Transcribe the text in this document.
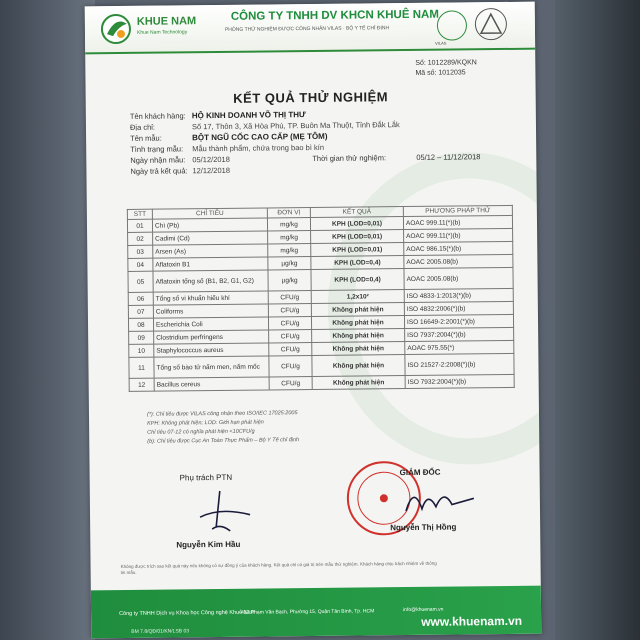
KHUE NAM
Khue Nam Technology
CÔNG TY TNHH DV KHCN KHUÊ NAM
PHÒNG THỬ NGHIỆM ĐƯỢC CÔNG NHẬN VILAS · BỘ Y TẾ CHỈ ĐỊNH
VILAS
Số: 1012289/KQKN
Mã số: 1012035
KẾT QUẢ THỬ NGHIỆM
Tên khách hàng: HỘ KINH DOANH VÕ THỊ THƯ
Địa chỉ:	Số 17, Thôn 3, Xã Hòa Phú, TP. Buôn Ma Thuột, Tỉnh Đắk Lắk
Tên mẫu:	BỘT NGŨ CỐC CAO CẤP (MẸ TÔM)
Tình trạng mẫu: Mẫu thành phẩm, chứa trong bao bì kín
Ngày nhận mẫu: 05/12/2018	Thời gian thử nghiệm:	05/12 – 11/12/2018
Ngày trả kết quả: 12/12/2018
STT	CHỈ TIÊU	ĐƠN VỊ	KẾT QUẢ	PHƯƠNG PHÁP THỬ
01	Chì (Pb)	mg/kg	KPH (LOD=0,01)	AOAC 999.11(*)(b)
02	Cadimi (Cd)	mg/kg	KPH (LOD=0,01)	AOAC 999.11(*)(b)
03	Arsen (As)	mg/kg	KPH (LOD=0,01)	AOAC 986.15(*)(b)
04	Aflatoxin B1	µg/kg	KPH (LOD=0,4)	AOAC 2005.08(b)
05	Aflatoxin tổng số (B1, B2, G1, G2)	µg/kg	KPH (LOD=0,4)	AOAC 2005.08(b)
06	Tổng số vi khuẩn hiếu khí	CFU/g	1,2x10²	ISO 4833-1:2013(*)(b)
07	Coliforms	CFU/g	Không phát hiện	ISO 4832:2006(*)(b)
08	Escherichia Coli	CFU/g	Không phát hiện	ISO 16649-2:2001(*)(b)
09	Clostridium perfringens	CFU/g	Không phát hiện	ISO 7937:2004(*)(b)
10	Staphylococcus aureus	CFU/g	Không phát hiện	AOAC 975.55(*)
11	Tổng số bào tử nấm men, nấm mốc	CFU/g	Không phát hiện	ISO 21527-2:2008(*)(b)
12	Bacillus cereus	CFU/g	Không phát hiện	ISO 7932:2004(*)(b)
(*): Chỉ tiêu được VILAS công nhận theo ISO/IEC 17025:2005
KPH: Không phát hiện; LOD: Giới hạn phát hiện
Chỉ tiêu 07-12 có nghĩa phát hiện <10CFU/g
(b): Chỉ tiêu được Cục An Toàn Thực Phẩm – Bộ Y Tế chỉ định
Phụ trách PTN
Nguyễn Kim Hầu
GIÁM ĐỐC
Nguyễn Thị Hồng
Không được trích sao kết quả này nếu không có sự đồng ý của khách hàng. Kết quả chỉ có giá trị trên mẫu thử nghiệm. Khách hàng chịu trách nhiệm về thông tin mẫu.
Công ty TNHH Dịch vụ Khoa học Công nghệ Khuê Nam
417 Phạm Văn Bạch, Phường 15, Quận Tân Bình, Tp. HCM	info@khuenam.vn
www.khuenam.vn
BM 7.8/QĐ/01/KN/LSB 03
